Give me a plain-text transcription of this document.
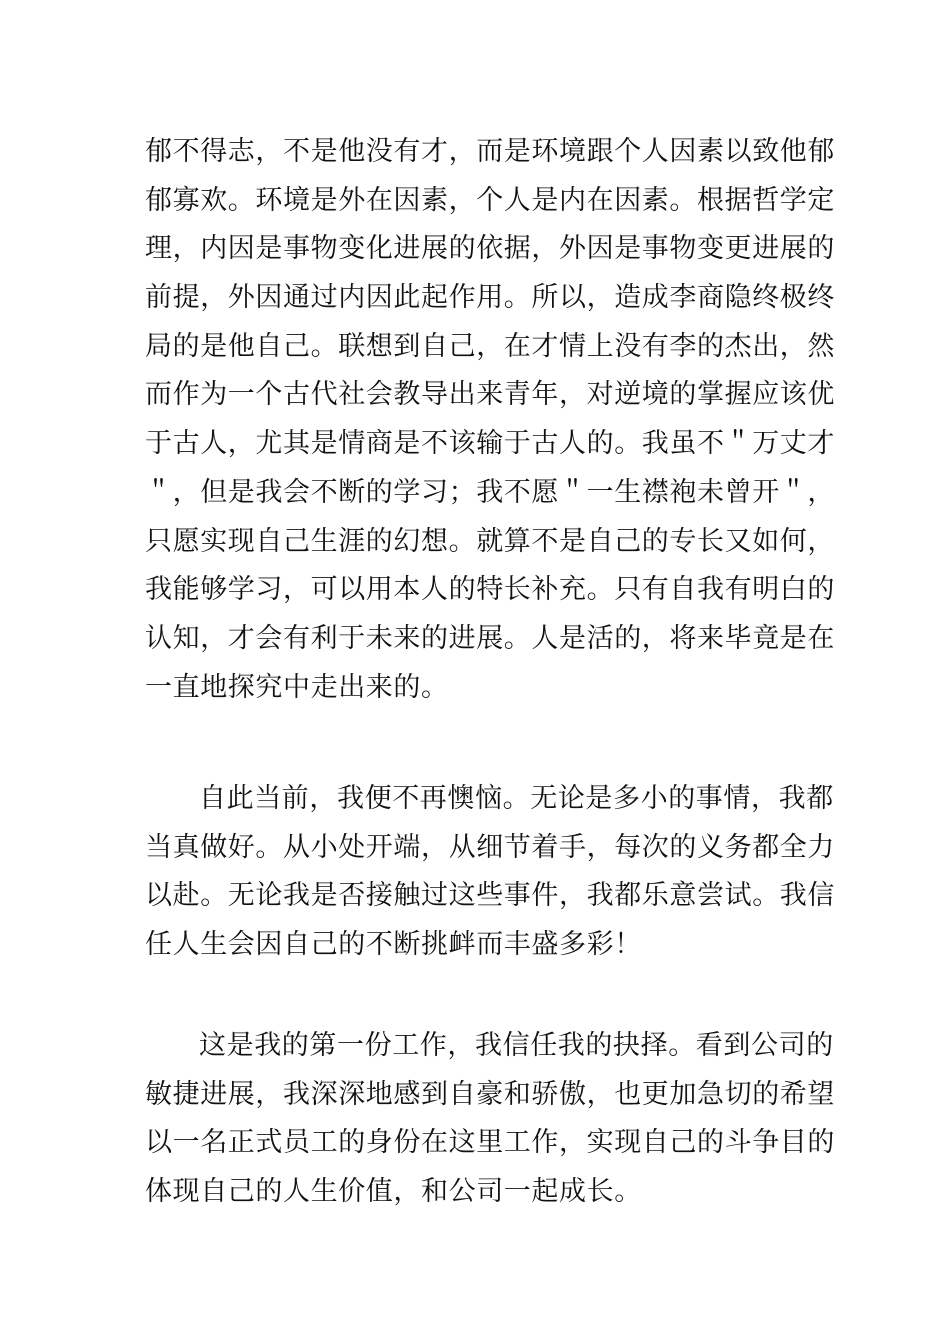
郁不得志，不是他没有才，而是环境跟个人因素以致他郁
郁寡欢。环境是外在因素，个人是内在因素。根据哲学定
理，内因是事物变化进展的依据，外因是事物变更进展的
前提，外因通过内因此起作用。所以，造成李商隐终极终
局的是他自己。联想到自己，在才情上没有李的杰出，然
而作为一个古代社会教导出来青年，对逆境的掌握应该优
于古人，尤其是情商是不该输于古人的。我虽不＂万丈才
＂，但是我会不断的学习；我不愿＂一生襟袍未曾开＂，
只愿实现自己生涯的幻想。就算不是自己的专长又如何，
我能够学习，可以用本人的特长补充。只有自我有明白的
认知，才会有利于未来的进展。人是活的，将来毕竟是在
一直地探究中走出来的。
自此当前，我便不再懊恼。无论是多小的事情，我都
当真做好。从小处开端，从细节着手，每次的义务都全力
以赴。无论我是否接触过这些事件，我都乐意尝试。我信
任人生会因自己的不断挑衅而丰盛多彩！
这是我的第一份工作，我信任我的抉择。看到公司的
敏捷进展，我深深地感到自豪和骄傲，也更加急切的希望
以一名正式员工的身份在这里工作，实现自己的斗争目的
体现自己的人生价值，和公司一起成长。
